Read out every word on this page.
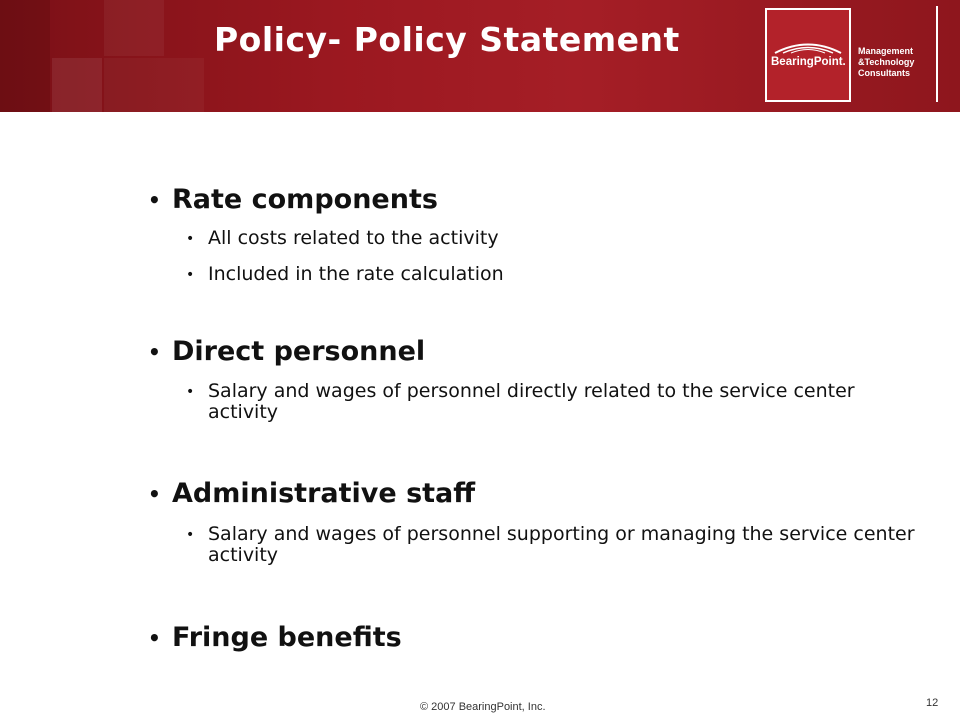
Policy- Policy Statement
BearingPoint.
Management
&Technology
Consultants
• Rate components
• All costs related to the activity
• Included in the rate calculation
• Direct personnel
• Salary and wages of personnel directly related to the service center activity
• Administrative staff
• Salary and wages of personnel supporting or managing the service center activity
• Fringe benefits
© 2007 BearingPoint, Inc.	12
